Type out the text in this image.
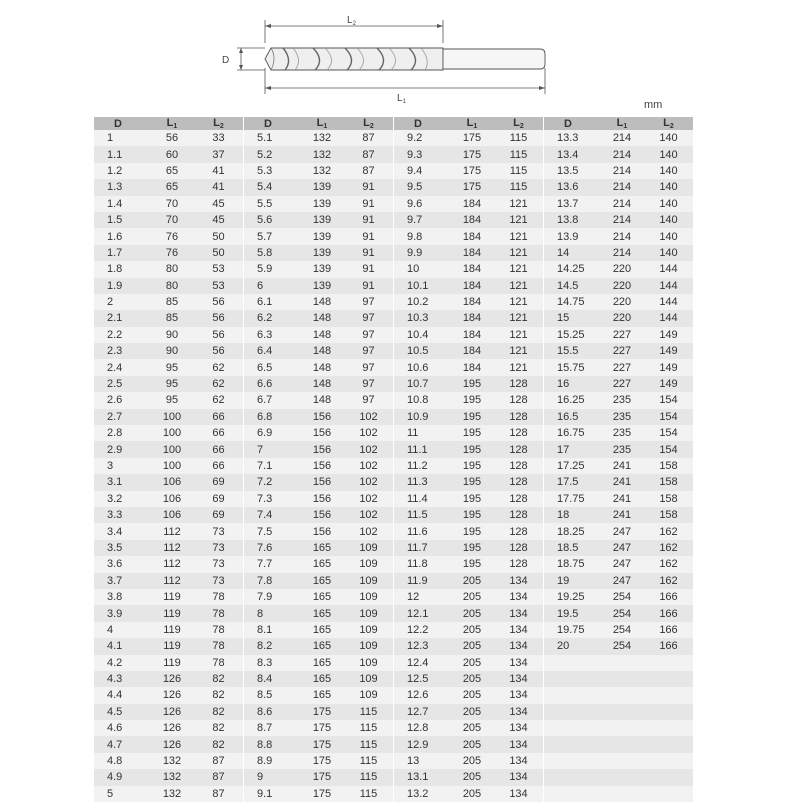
$L_2$
D
$L_1$	mm
D	$L_1$	$L_2$
1	56	33
1.1	60	37
1.2	65	41
1.3	65	41
1.4	70	45
1.5	70	45
1.6	76	50
1.7	76	50
1.8	80	53
1.9	80	53
2	85	56
2.1	85	56
2.2	90	56
2.3	90	56
2.4	95	62
2.5	95	62
2.6	95	62
2.7	100	66
2.8	100	66
2.9	100	66
3	100	66
3.1	106	69
3.2	106	69
3.3	106	69
3.4	112	73
3.5	112	73
3.6	112	73
3.7	112	73
3.8	119	78
3.9	119	78
4	119	78
4.1	119	78
4.2	119	78
4.3	126	82
4.4	126	82
4.5	126	82
4.6	126	82
4.7	126	82
4.8	132	87
4.9	132	87
5	132	87
D	$L_1$	$L_2$
5.1	132	87
5.2	132	87
5.3	132	87
5.4	139	91
5.5	139	91
5.6	139	91
5.7	139	91
5.8	139	91
5.9	139	91
6	139	91
6.1	148	97
6.2	148	97
6.3	148	97
6.4	148	97
6.5	148	97
6.6	148	97
6.7	148	97
6.8	156	102
6.9	156	102
7	156	102
7.1	156	102
7.2	156	102
7.3	156	102
7.4	156	102
7.5	156	102
7.6	165	109
7.7	165	109
7.8	165	109
7.9	165	109
8	165	109
8.1	165	109
8.2	165	109
8.3	165	109
8.4	165	109
8.5	165	109
8.6	175	115
8.7	175	115
8.8	175	115
8.9	175	115
9	175	115
9.1	175	115
D	$L_1$	$L_2$
9.2	175	115
9.3	175	115
9.4	175	115
9.5	175	115
9.6	184	121
9.7	184	121
9.8	184	121
9.9	184	121
10	184	121
10.1	184	121
10.2	184	121
10.3	184	121
10.4	184	121
10.5	184	121
10.6	184	121
10.7	195	128
10.8	195	128
10.9	195	128
11	195	128
11.1	195	128
11.2	195	128
11.3	195	128
11.4	195	128
11.5	195	128
11.6	195	128
11.7	195	128
11.8	195	128
11.9	205	134
12	205	134
12.1	205	134
12.2	205	134
12.3	205	134
12.4	205	134
12.5	205	134
12.6	205	134
12.7	205	134
12.8	205	134
12.9	205	134
13	205	134
13.1	205	134
13.2	205	134
D	$L_1$	$L_2$
13.3	214	140
13.4	214	140
13.5	214	140
13.6	214	140
13.7	214	140
13.8	214	140
13.9	214	140
14	214	140
14.25	220	144
14.5	220	144
14.75	220	144
15	220	144
15.25	227	149
15.5	227	149
15.75	227	149
16	227	149
16.25	235	154
16.5	235	154
16.75	235	154
17	235	154
17.25	241	158
17.5	241	158
17.75	241	158
18	241	158
18.25	247	162
18.5	247	162
18.75	247	162
19	247	162
19.25	254	166
19.5	254	166
19.75	254	166
20	254	166
